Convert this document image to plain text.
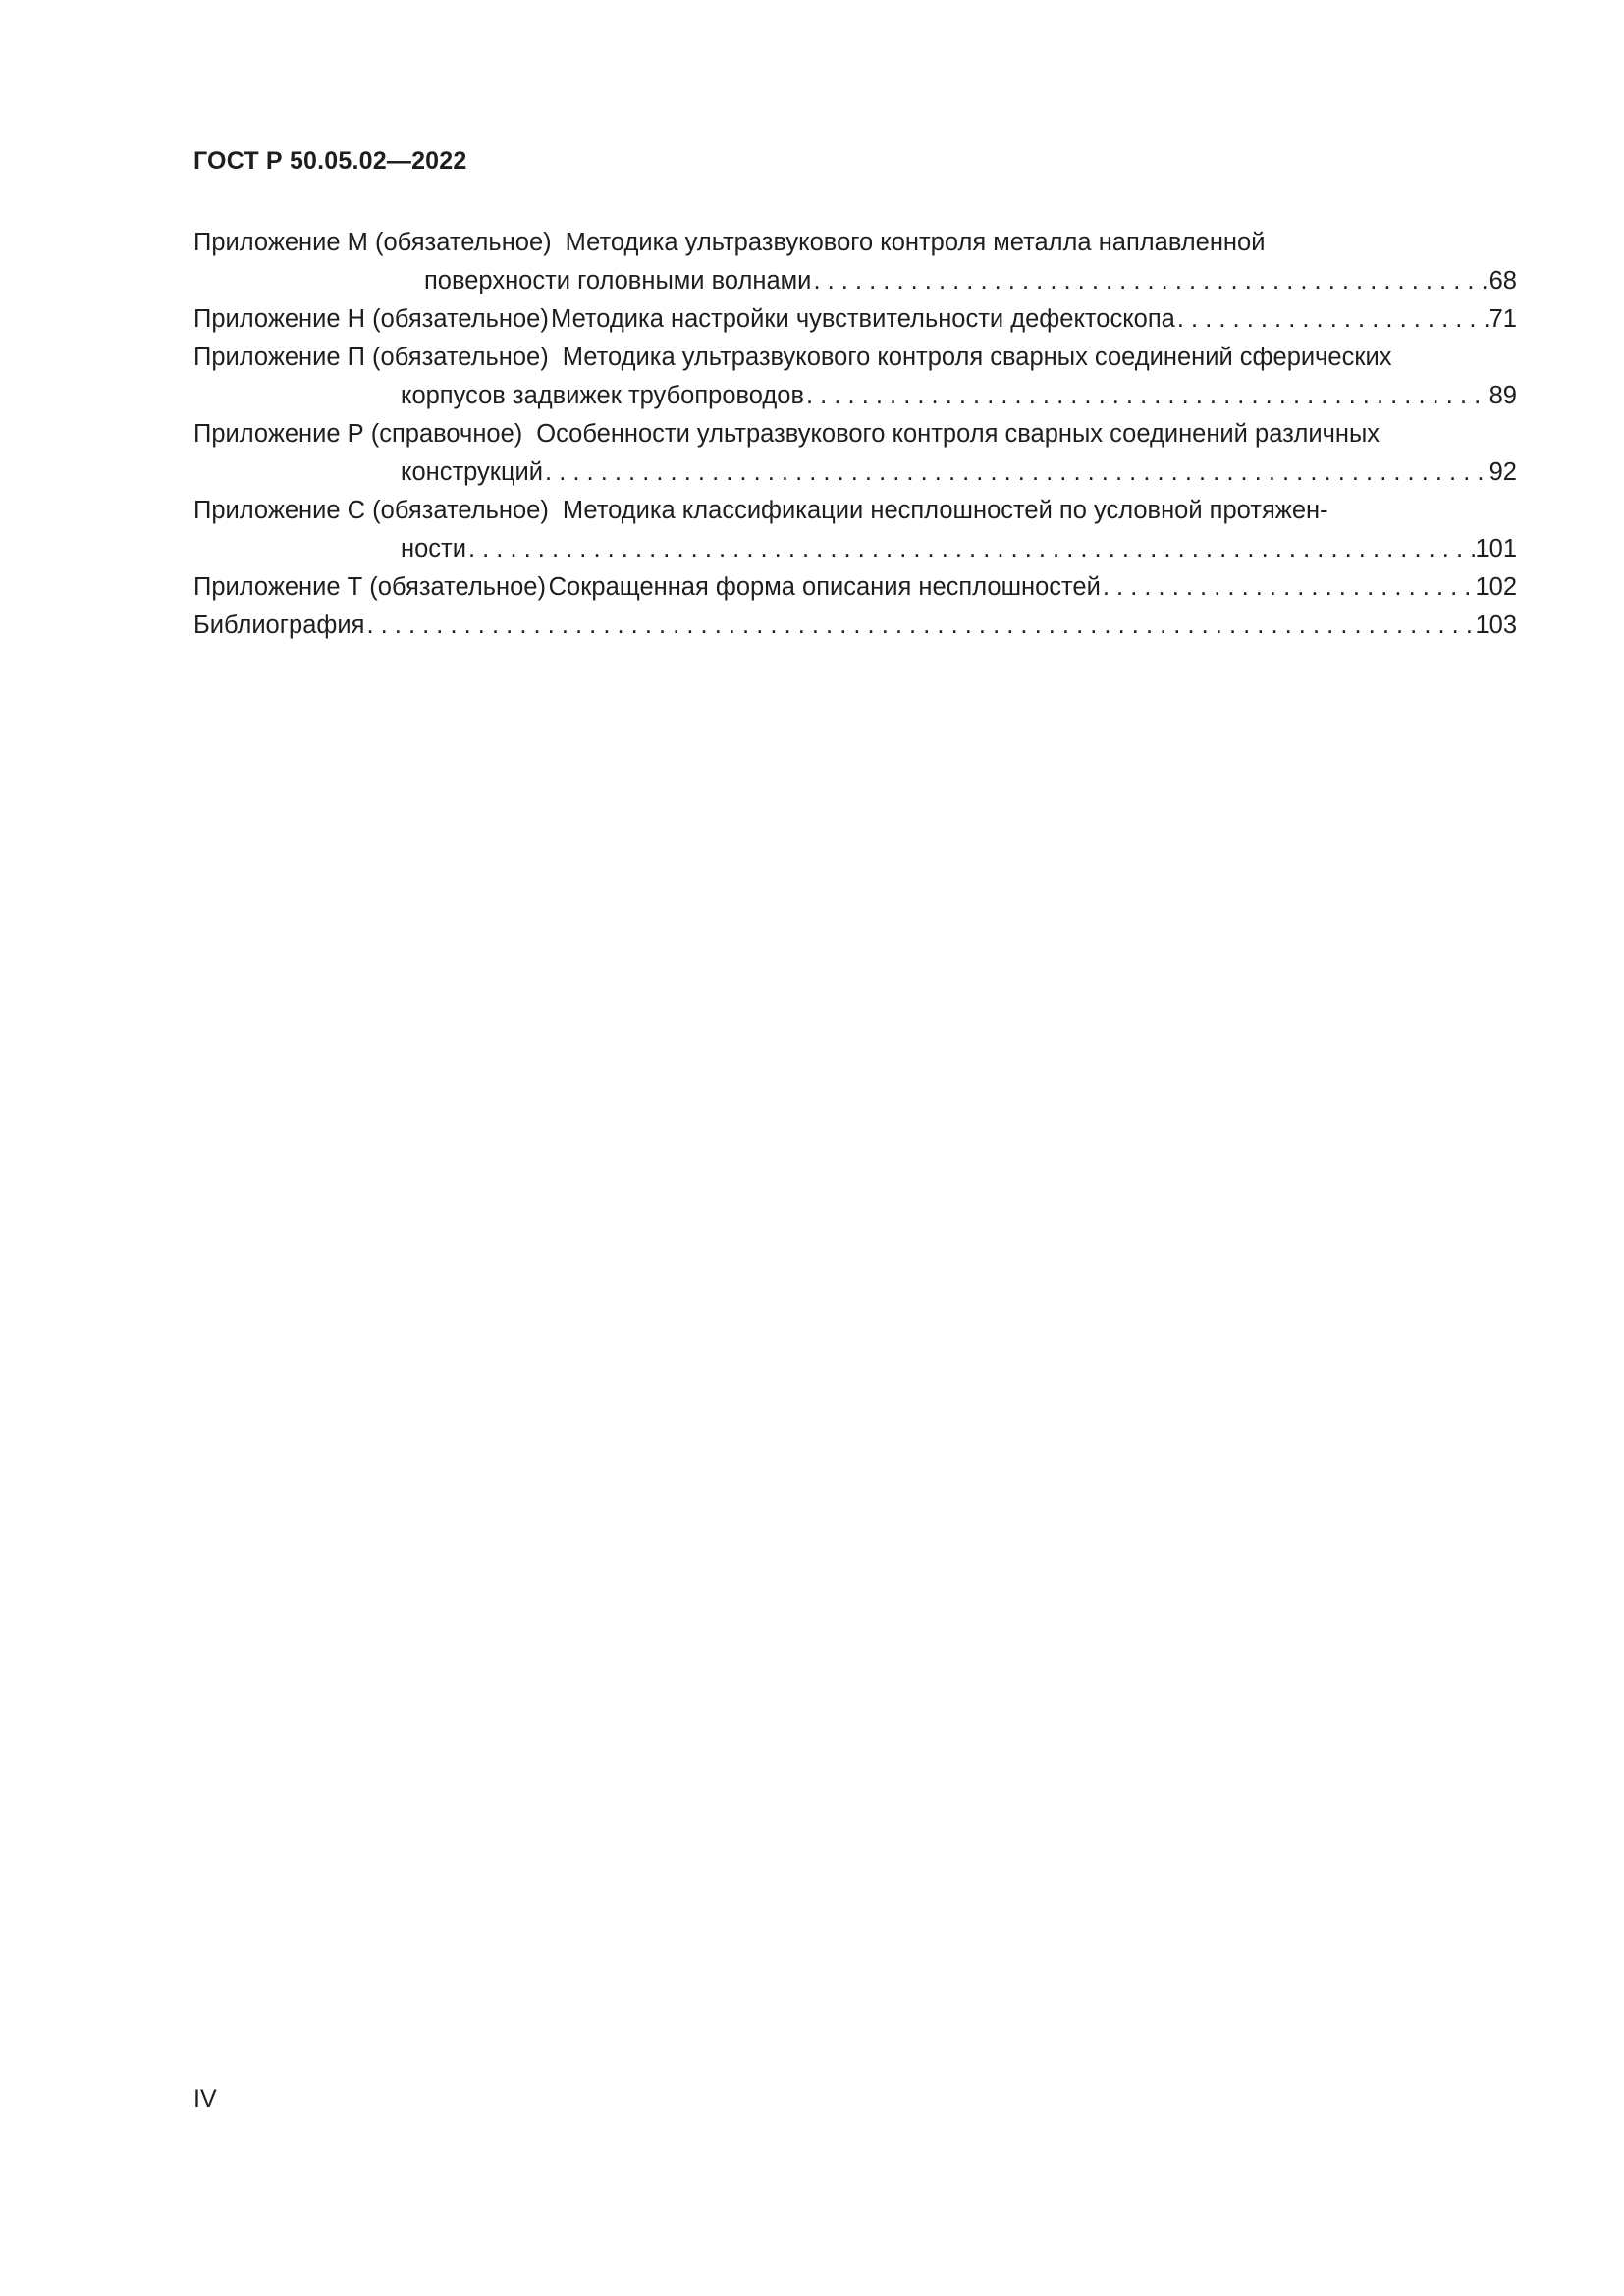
ГОСТ Р 50.05.02—2022
Приложение М (обязательное) Методика ультразвукового контроля металла наплавленной
поверхности головными волнами . . .	68
Приложение Н (обязательное) Методика настройки чувствительности дефектоскопа . . .	71
Приложение П (обязательное) Методика ультразвукового контроля сварных соединений сферических
корпусов задвижек трубопроводов . . .	89
Приложение Р (справочное) Особенности ультразвукового контроля сварных соединений различных
конструкций . . .	92
Приложение С (обязательное) Методика классификации несплошностей по условной протяжен-
ности . . .	101
Приложение Т (обязательное) Сокращенная форма описания несплошностей . . .	102
Библиография . . .	103
IV
